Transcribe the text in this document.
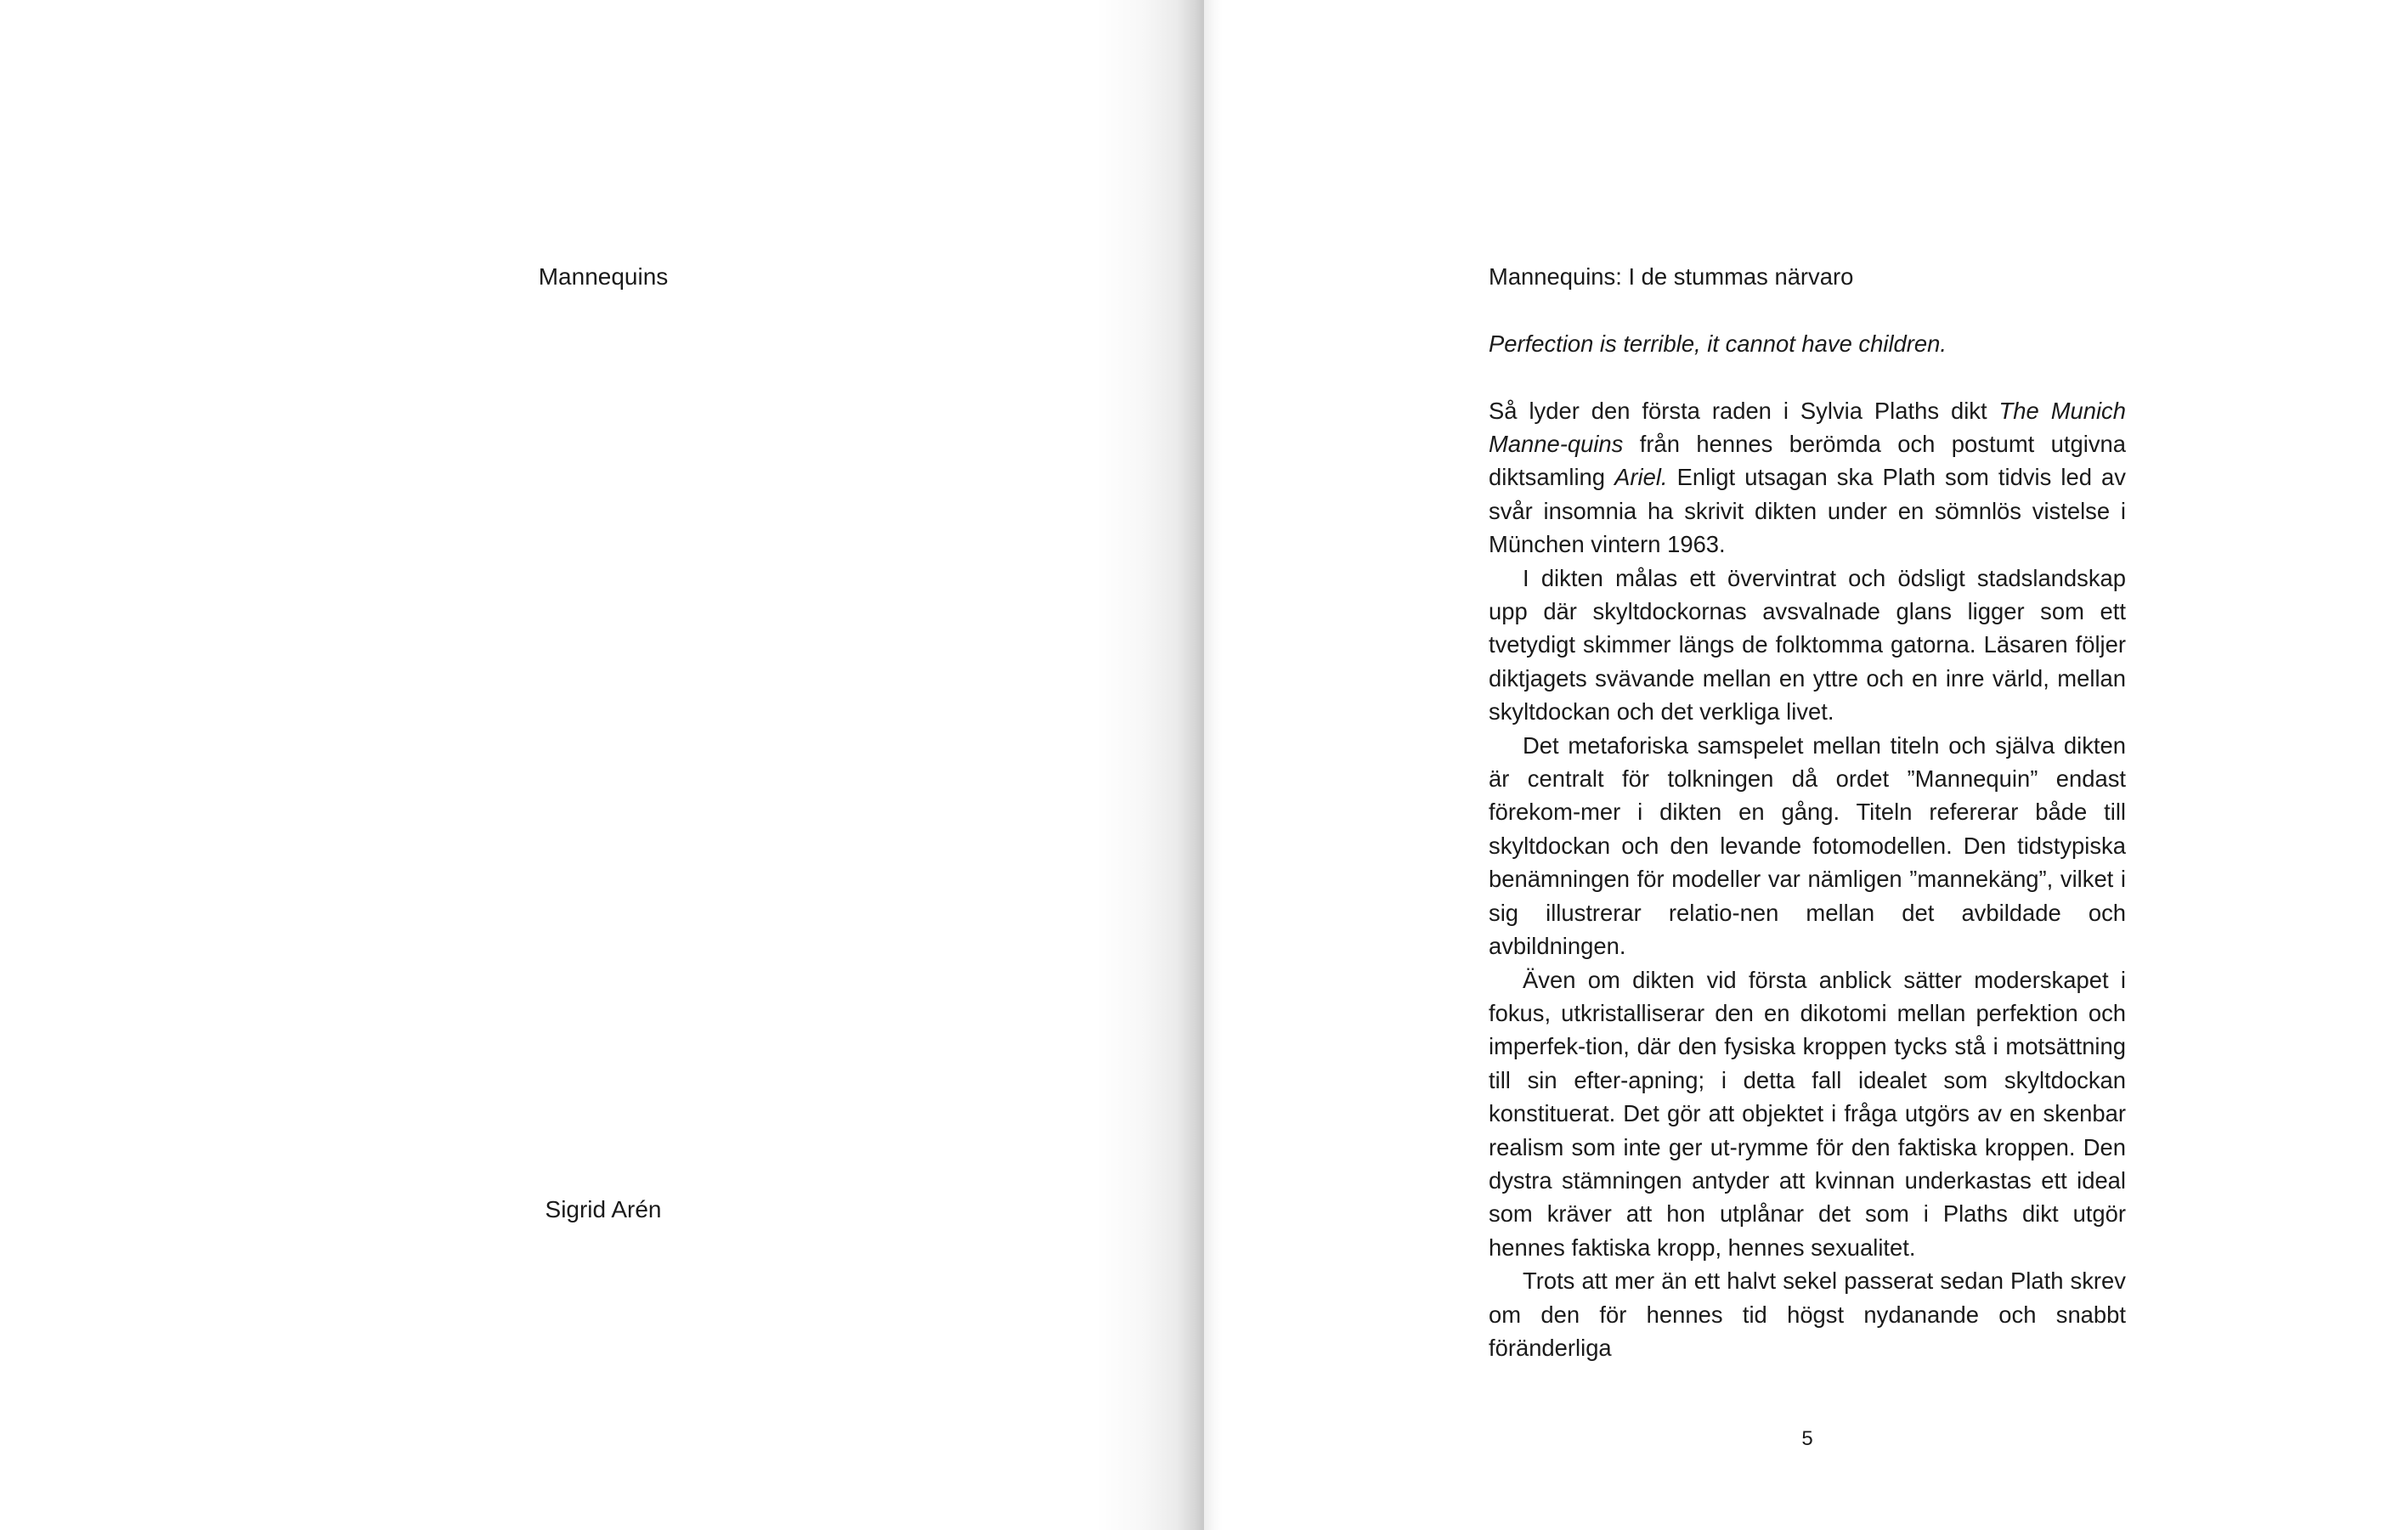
Mannequins
Sigrid Arén
Mannequins: I de stummas närvaro

Perfection is terrible, it cannot have children.

Så lyder den första raden i Sylvia Plaths dikt The Munich Manne-quins från hennes berömda och postumt utgivna diktsamling Ariel. Enligt utsagan ska Plath som tidvis led av svår insomnia ha skrivit dikten under en sömnlös vistelse i München vintern 1963.

I dikten målas ett övervintrat och ödsligt stadslandskap upp där skyltdockornas avsvalnade glans ligger som ett tvetydigt skimmer längs de folktomma gatorna. Läsaren följer diktjagets svävande mellan en yttre och en inre värld, mellan skyltdockan och det verkliga livet.

Det metaforiska samspelet mellan titeln och själva dikten är centralt för tolkningen då ordet ”Mannequin” endast förekom-mer i dikten en gång. Titeln refererar både till skyltdockan och den levande fotomodellen. Den tidstypiska benämningen för modeller var nämligen ”mannekäng”, vilket i sig illustrerar relatio-nen mellan det avbildade och avbildningen.

Även om dikten vid första anblick sätter moderskapet i fokus, utkristalliserar den en dikotomi mellan perfektion och imperfek-tion, där den fysiska kroppen tycks stå i motsättning till sin efter-apning; i detta fall idealet som skyltdockan konstituerat. Det gör att objektet i fråga utgörs av en skenbar realism som inte ger ut-rymme för den faktiska kroppen. Den dystra stämningen antyder att kvinnan underkastas ett ideal som kräver att hon utplånar det som i Plaths dikt utgör hennes faktiska kropp, hennes sexualitet.

Trots att mer än ett halvt sekel passerat sedan Plath skrev om den för hennes tid högst nydanande och snabbt föränderliga

5
